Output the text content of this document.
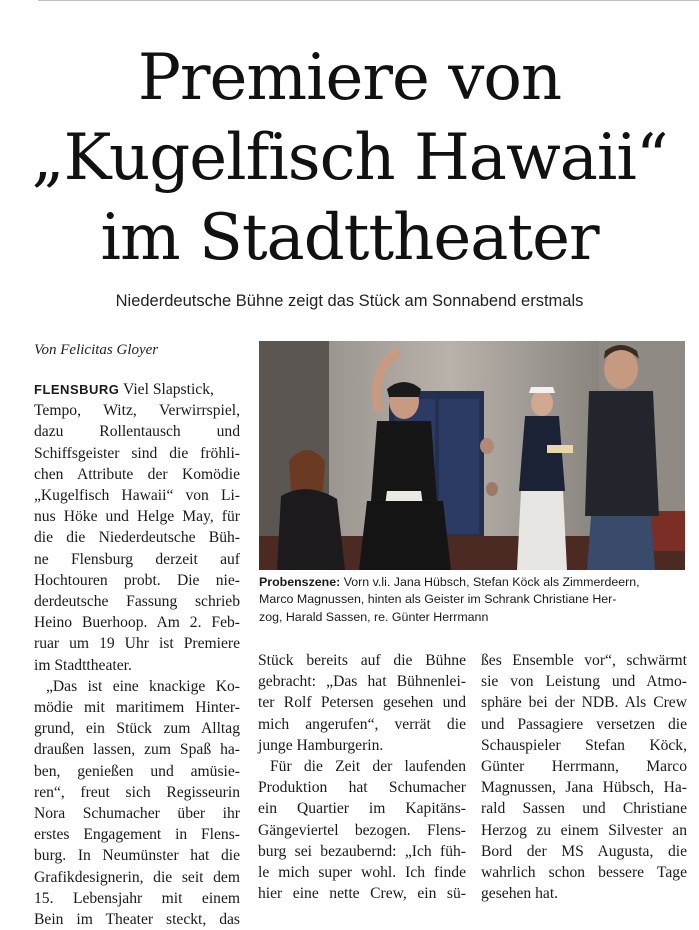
Premiere von
„Kugelfisch Hawaii“
im Stadttheater
Niederdeutsche Bühne zeigt das Stück am Sonnabend erstmals
Von Felicitas Gloyer
FLENSBURG Viel Slapstick,
Tempo, Witz, Verwirrspiel,
dazu Rollentausch und
Schiffsgeister sind die fröhli-
chen Attribute der Komödie
„Kugelfisch Hawaii“ von Li-
nus Höke und Helge May, für
die die Niederdeutsche Büh-
ne Flensburg derzeit auf
Hochtouren probt. Die nie-
derdeutsche Fassung schrieb
Heino Buerhoop. Am 2. Feb-
ruar um 19 Uhr ist Premiere
im Stadttheater.
„Das ist eine knackige Ko-
mödie mit maritimem Hinter-
grund, ein Stück zum Alltag
draußen lassen, zum Spaß ha-
ben, genießen und amüsie-
ren“, freut sich Regisseurin
Nora Schumacher über ihr
erstes Engagement in Flens-
burg. In Neumünster hat die
Grafikdesignerin, die seit dem
15. Lebensjahr mit einem
Bein im Theater steckt, das
Probenszene: Vorn v.li. Jana Hübsch, Stefan Köck als Zimmerdeern,
Marco Magnussen, hinten als Geister im Schrank Christiane Her-
zog, Harald Sassen, re. Günter Herrmann
Stück bereits auf die Bühne
gebracht: „Das hat Bühnenlei-
ter Rolf Petersen gesehen und
mich angerufen“, verrät die
junge Hamburgerin.
Für die Zeit der laufenden
Produktion hat Schumacher
ein Quartier im Kapitäns-
Gängeviertel bezogen. Flens-
burg sei bezaubernd: „Ich füh-
le mich super wohl. Ich finde
hier eine nette Crew, ein sü-
ßes Ensemble vor“, schwärmt
sie von Leistung und Atmo-
sphäre bei der NDB. Als Crew
und Passagiere versetzen die
Schauspieler Stefan Köck,
Günter Herrmann, Marco
Magnussen, Jana Hübsch, Ha-
rald Sassen und Christiane
Herzog zu einem Silvester an
Bord der MS Augusta, die
wahrlich schon bessere Tage
gesehen hat.
